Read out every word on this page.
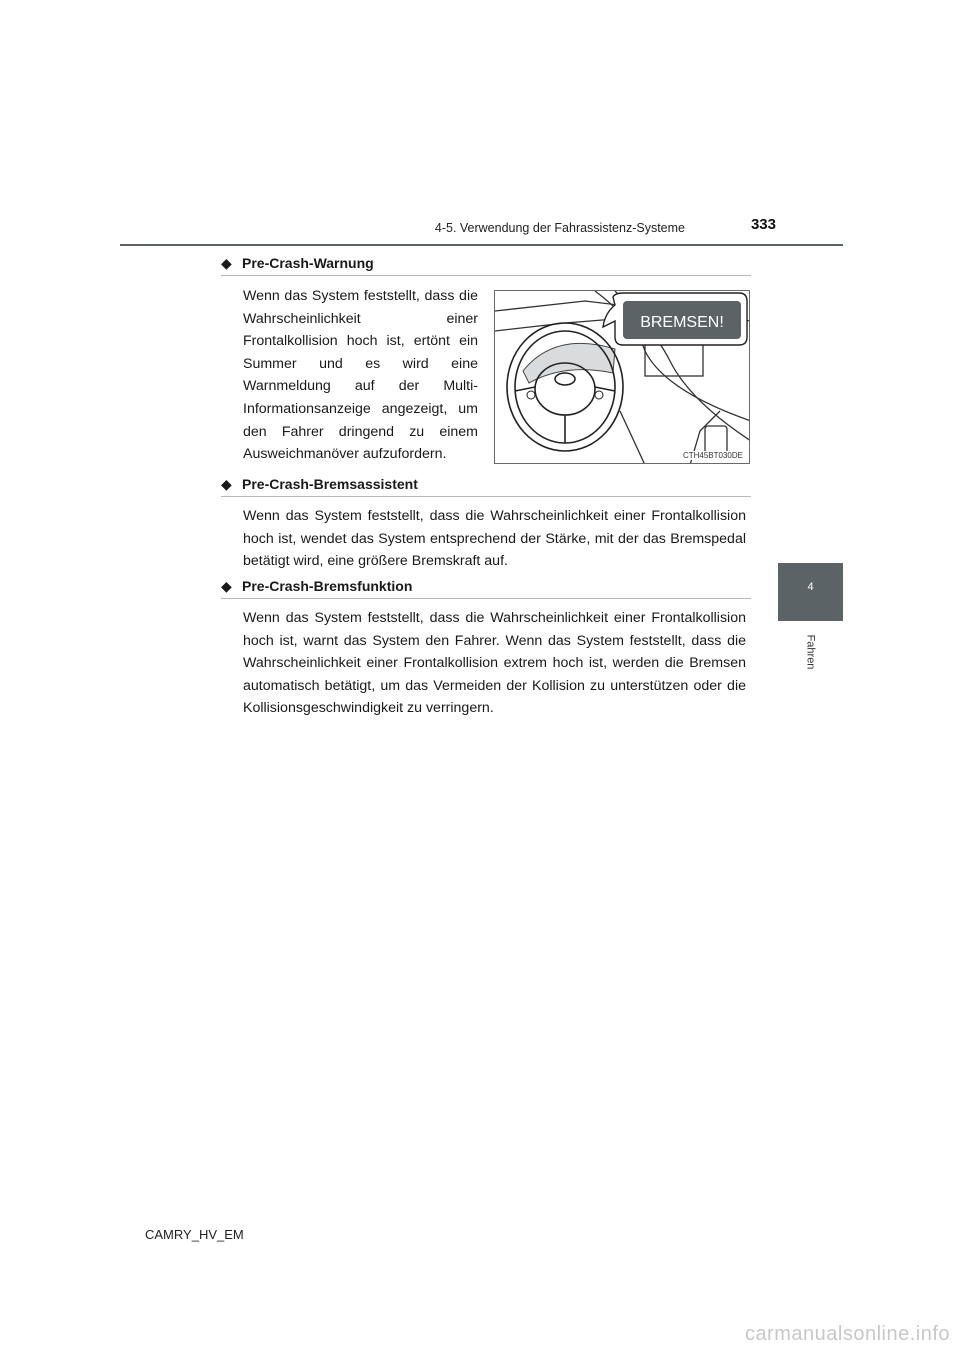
4-5. Verwendung der Fahrassistenz-Systeme	333
4
Fahren
◆ Pre-Crash-Warnung
Wenn das System feststellt, dass die Wahrscheinlichkeit einer Frontalkollision hoch ist, ertönt ein Summer und es wird eine Warnmeldung auf der Multi-Informationsanzeige angezeigt, um den Fahrer dringend zu einem Ausweichmanöver aufzufordern.
BREMSEN!
CTH45BT030DE
◆ Pre-Crash-Bremsassistent
Wenn das System feststellt, dass die Wahrscheinlichkeit einer Frontalkollision hoch ist, wendet das System entsprechend der Stärke, mit der das Bremspedal betätigt wird, eine größere Bremskraft auf.
◆ Pre-Crash-Bremsfunktion
Wenn das System feststellt, dass die Wahrscheinlichkeit einer Frontalkollision hoch ist, warnt das System den Fahrer. Wenn das System feststellt, dass die Wahrscheinlichkeit einer Frontalkollision extrem hoch ist, werden die Bremsen automatisch betätigt, um das Vermeiden der Kollision zu unterstützen oder die Kollisionsgeschwindigkeit zu verringern.
CAMRY_HV_EM
carmanualsonline.info
